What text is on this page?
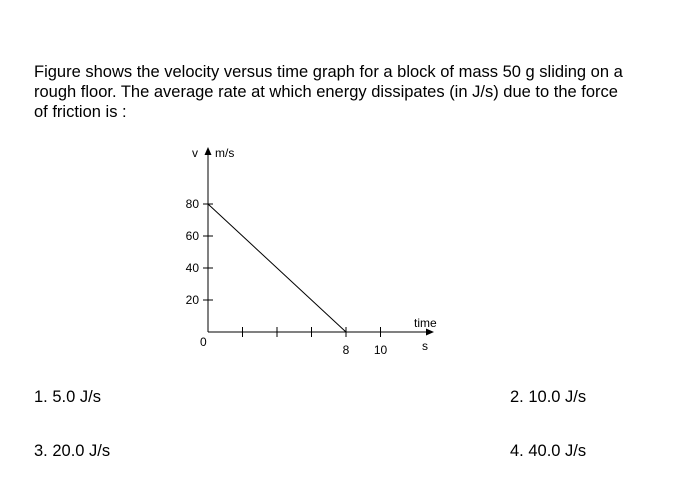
Figure shows the velocity versus time graph for a block of mass 50 g sliding on a
rough floor. The average rate at which energy dissipates (in J/s) due to the force
of friction is :
v m/s
time
s
0
20
40
60
80
8 10
1. 5.0 J/s	2. 10.0 J/s
3. 20.0 J/s	4. 40.0 J/s
